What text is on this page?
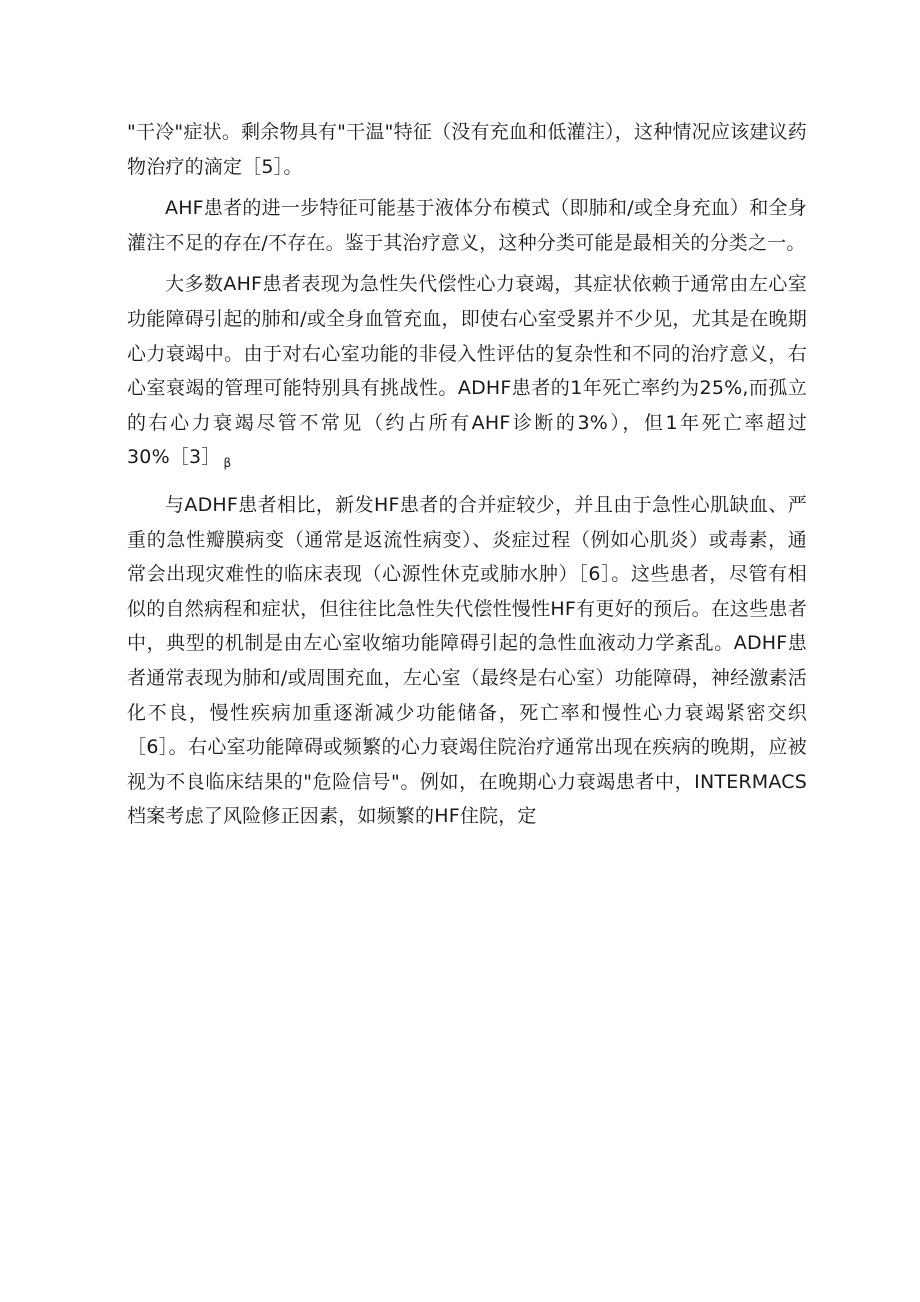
"干冷"症状。剩余物具有"干温"特征（没有充血和低灌注），这种情况应该建议药物治疗的滴定［5］。

AHF患者的进一步特征可能基于液体分布模式（即肺和/或全身充血）和全身灌注不足的存在/不存在。鉴于其治疗意义，这种分类可能是最相关的分类之一。

大多数AHF患者表现为急性失代偿性心力衰竭，其症状依赖于通常由左心室功能障碍引起的肺和/或全身血管充血，即使右心室受累并不少见，尤其是在晚期心力衰竭中。由于对右心室功能的非侵入性评估的复杂性和不同的治疗意义，右心室衰竭的管理可能特别具有挑战性。ADHF患者的1年死亡率约为25%,而孤立的右心力衰竭尽管不常见（约占所有AHF诊断的3%），但1年死亡率超过30%［3］ $_\beta$

与ADHF患者相比，新发HF患者的合并症较少，并且由于急性心肌缺血、严重的急性瓣膜病变（通常是返流性病变）、炎症过程（例如心肌炎）或毒素，通常会出现灾难性的临床表现（心源性休克或肺水肿）［6］。这些患者，尽管有相似的自然病程和症状，但往往比急性失代偿性慢性HF有更好的预后。在这些患者中，典型的机制是由左心室收缩功能障碍引起的急性血液动力学紊乱。ADHF患者通常表现为肺和/或周围充血，左心室（最终是右心室）功能障碍，神经激素活化不良，慢性疾病加重逐渐减少功能储备，死亡率和慢性心力衰竭紧密交织［6］。右心室功能障碍或频繁的心力衰竭住院治疗通常出现在疾病的晚期，应被视为不良临床结果的"危险信号"。例如，在晚期心力衰竭患者中，INTERMACS档案考虑了风险修正因素，如频繁的HF住院，定
